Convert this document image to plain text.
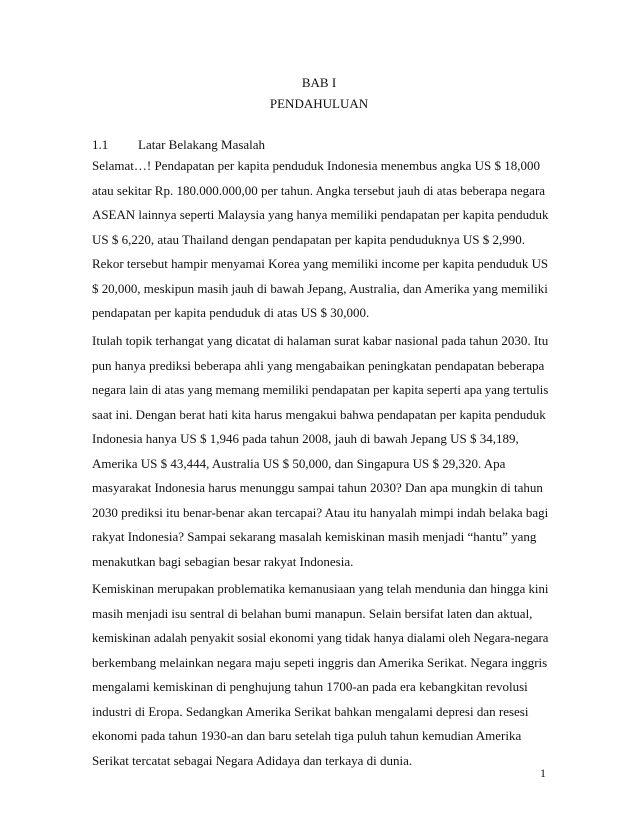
BAB I
PENDAHULUAN
1.1 Latar Belakang Masalah
Selamat…! Pendapatan per kapita penduduk Indonesia menembus angka US $ 18,000
atau sekitar Rp. 180.000.000,00 per tahun. Angka tersebut jauh di atas beberapa negara
ASEAN lainnya seperti Malaysia yang hanya memiliki pendapatan per kapita penduduk
US $ 6,220, atau Thailand dengan pendapatan per kapita penduduknya US $ 2,990.
Rekor tersebut hampir menyamai Korea yang memiliki income per kapita penduduk US
$ 20,000, meskipun masih jauh di bawah Jepang, Australia, dan Amerika yang memiliki
pendapatan per kapita penduduk di atas US $ 30,000.
Itulah topik terhangat yang dicatat di halaman surat kabar nasional pada tahun 2030. Itu
pun hanya prediksi beberapa ahli yang mengabaikan peningkatan pendapatan beberapa
negara lain di atas yang memang memiliki pendapatan per kapita seperti apa yang tertulis
saat ini. Dengan berat hati kita harus mengakui bahwa pendapatan per kapita penduduk
Indonesia hanya US $ 1,946 pada tahun 2008, jauh di bawah Jepang US $ 34,189,
Amerika US $ 43,444, Australia US $ 50,000, dan Singapura US $ 29,320. Apa
masyarakat Indonesia harus menunggu sampai tahun 2030? Dan apa mungkin di tahun
2030 prediksi itu benar-benar akan tercapai? Atau itu hanyalah mimpi indah belaka bagi
rakyat Indonesia? Sampai sekarang masalah kemiskinan masih menjadi “hantu” yang
menakutkan bagi sebagian besar rakyat Indonesia.
Kemiskinan merupakan problematika kemanusiaan yang telah mendunia dan hingga kini
masih menjadi isu sentral di belahan bumi manapun. Selain bersifat laten dan aktual,
kemiskinan adalah penyakit sosial ekonomi yang tidak hanya dialami oleh Negara-negara
berkembang melainkan negara maju sepeti inggris dan Amerika Serikat. Negara inggris
mengalami kemiskinan di penghujung tahun 1700-an pada era kebangkitan revolusi
industri di Eropa. Sedangkan Amerika Serikat bahkan mengalami depresi dan resesi
ekonomi pada tahun 1930-an dan baru setelah tiga puluh tahun kemudian Amerika
Serikat tercatat sebagai Negara Adidaya dan terkaya di dunia.
1
